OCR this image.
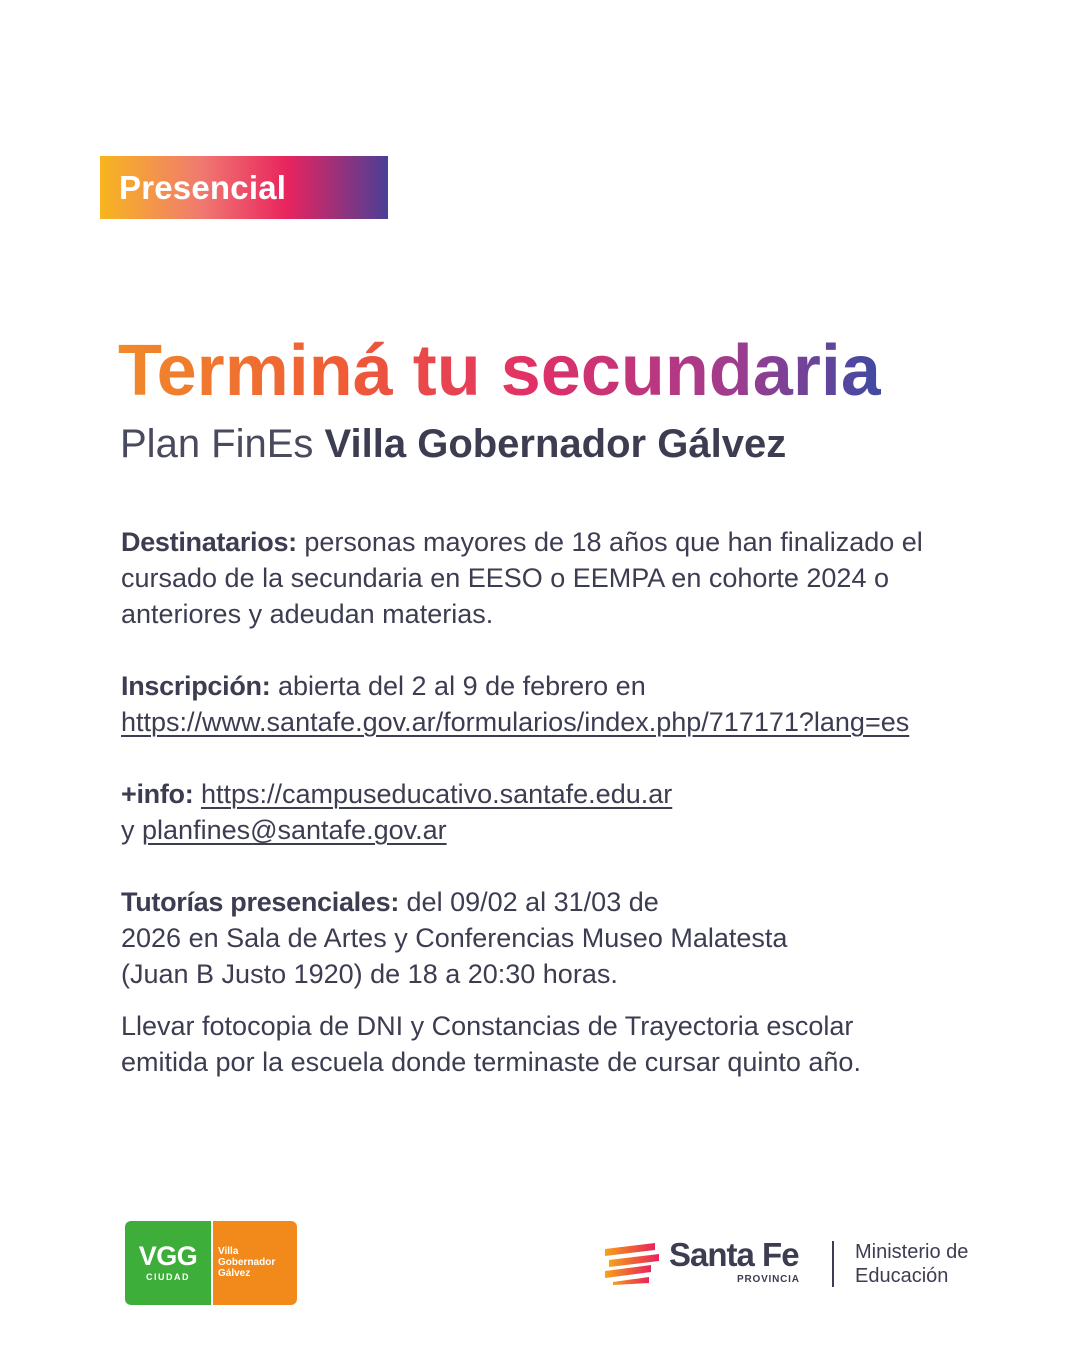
Presencial
Terminá tu secundaria
Plan FinEs Villa Gobernador Gálvez

Destinatarios: personas mayores de 18 años que han finalizado el cursado de la secundaria en EESO o EEMPA en cohorte 2024 o anteriores y adeudan materias.

Inscripción: abierta del 2 al 9 de febrero en
https://www.santafe.gov.ar/formularios/index.php/717171?lang=es

+info: https://campuseducativo.santafe.edu.ar
y planfines@santafe.gov.ar

Tutorías presenciales: del 09/02 al 31/03 de
2026 en Sala de Artes y Conferencias Museo Malatesta
(Juan B Justo 1920) de 18 a 20:30 horas.

Llevar fotocopia de DNI y Constancias de Trayectoria escolar
emitida por la escuela donde terminaste de cursar quinto año.

VGG
CIUDAD
Villa
Gobernador
Gálvez
Santa Fe
PROVINCIA
Ministerio de
Educación
